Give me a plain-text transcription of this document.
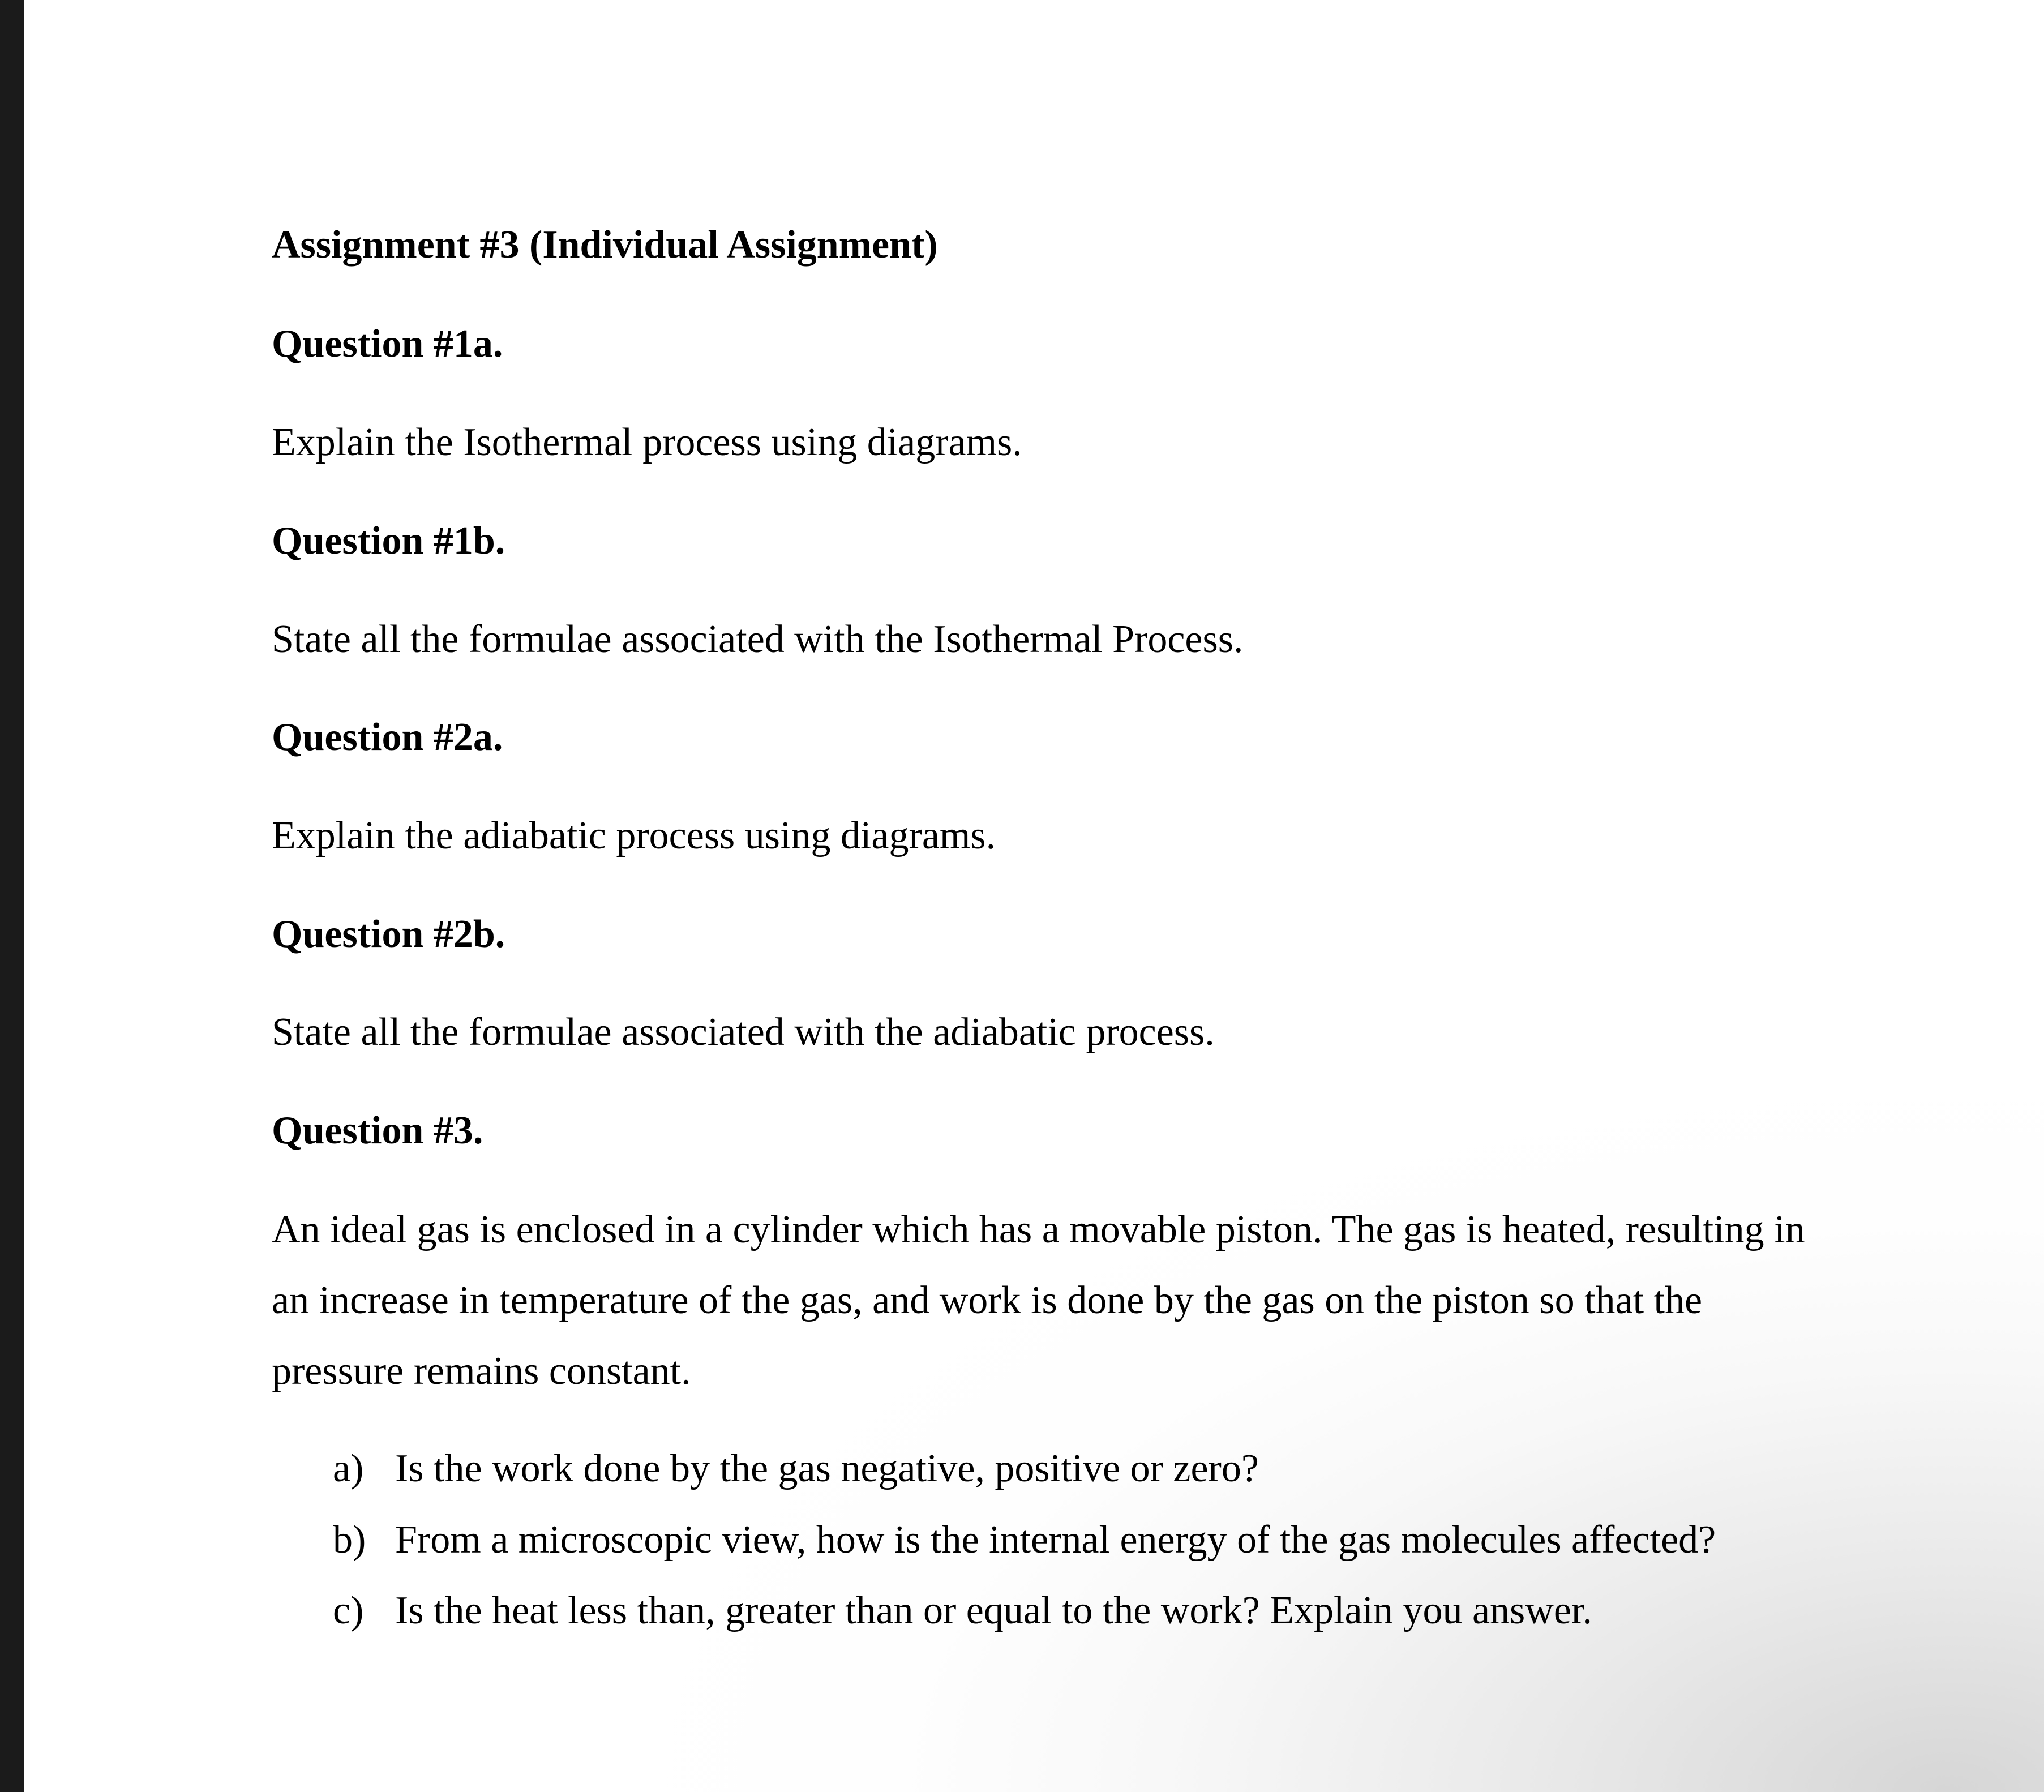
Assignment #3 (Individual Assignment)
Question #1a.
Explain the Isothermal process using diagrams.
Question #1b.
State all the formulae associated with the Isothermal Process.
Question #2a.
Explain the adiabatic process using diagrams.
Question #2b.
State all the formulae associated with the adiabatic process.
Question #3.
An ideal gas is enclosed in a cylinder which has a movable piston. The gas is heated, resulting in
an increase in temperature of the gas, and work is done by the gas on the piston so that the
pressure remains constant.
a) Is the work done by the gas negative, positive or zero?
b) From a microscopic view, how is the internal energy of the gas molecules affected?
c) Is the heat less than, greater than or equal to the work? Explain you answer.
